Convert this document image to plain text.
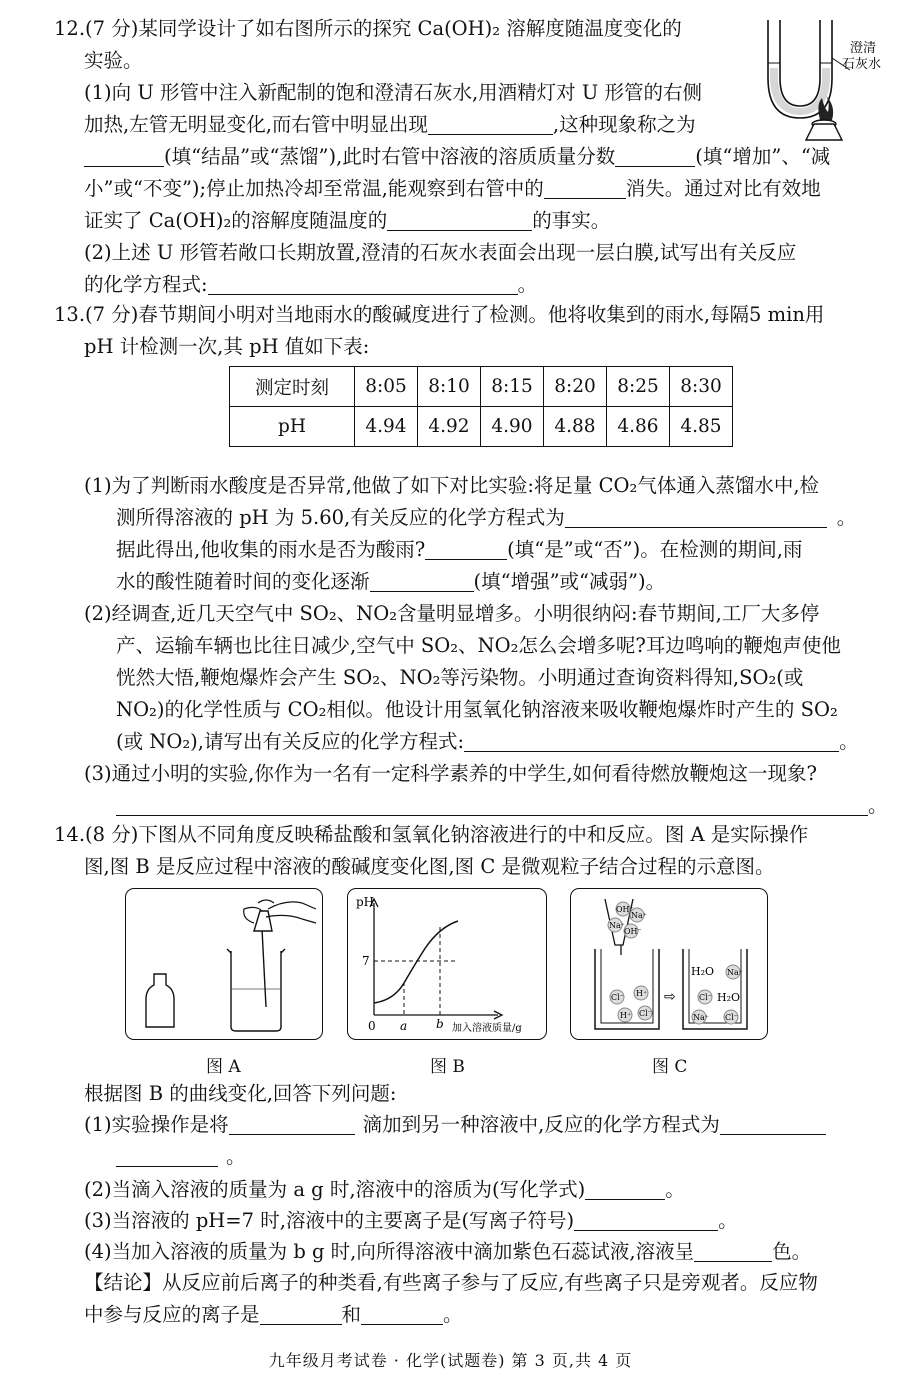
12.(7 分)某同学设计了如右图所示的探究 Ca(OH)₂ 溶解度随温度变化的
实验。
(1)向 U 形管中注入新配制的饱和澄清石灰水,用酒精灯对 U 形管的右侧
加热,左管无明显变化,而右管中明显出现	,这种现象称之为
(填“结晶”或“蒸馏”),此时右管中溶液的溶质质量分数	(填“增加”、“减
小”或“不变”);停止加热冷却至常温,能观察到右管中的	消失。通过对比有效地
证实了 Ca(OH)₂的溶解度随温度的	的事实。
(2)上述 U 形管若敞口长期放置,澄清的石灰水表面会出现一层白膜,试写出有关反应
的化学方程式:	。
澄清
石灰水
13.(7 分)春节期间小明对当地雨水的酸碱度进行了检测。他将收集到的雨水,每隔5 min用
pH 计检测一次,其 pH 值如下表:
测定时刻	8:05	8:10	8:15	8:20	8:25	8:30
pH	4.94	4.92	4.90	4.88	4.86	4.85
(1)为了判断雨水酸度是否异常,他做了如下对比实验:将足量 CO₂气体通入蒸馏水中,检
测所得溶液的 pH 为 5.60,有关反应的化学方程式为	。
据此得出,他收集的雨水是否为酸雨?	(填“是”或“否”)。在检测的期间,雨
水的酸性随着时间的变化逐渐	(填“增强”或“减弱”)。
(2)经调查,近几天空气中 SO₂、NO₂含量明显增多。小明很纳闷:春节期间,工厂大多停
产、运输车辆也比往日减少,空气中 SO₂、NO₂怎么会增多呢?耳边鸣响的鞭炮声使他
恍然大悟,鞭炮爆炸会产生 SO₂、NO₂等污染物。小明通过查询资料得知,SO₂(或
NO₂)的化学性质与 CO₂相似。他设计用氢氧化钠溶液来吸收鞭炮爆炸时产生的 SO₂
(或 NO₂),请写出有关反应的化学方程式:	。
(3)通过小明的实验,你作为一名有一定科学素养的中学生,如何看待燃放鞭炮这一现象?
。
14.(8 分)下图从不同角度反映稀盐酸和氢氧化钠溶液进行的中和反应。图 A 是实际操作
图,图 B 是反应过程中溶液的酸碱度变化图,图 C 是微观粒子结合过程的示意图。
图 A
pH
7
0 a b 加入溶液质量/g
图 B
OH⁻
Na⁺
Na⁺
OH⁻
Cl⁻ H⁺
H⁺ Cl⁻
⇨
H₂O Na⁺
Cl⁻ H₂O
Na⁺ Cl⁻
图 C
根据图 B 的曲线变化,回答下列问题:
(1)实验操作是将	滴加到另一种溶液中,反应的化学方程式为
。
(2)当滴入溶液的质量为 a g 时,溶液中的溶质为(写化学式)	。
(3)当溶液的 pH=7 时,溶液中的主要离子是(写离子符号)	。
(4)当加入溶液的质量为 b g 时,向所得溶液中滴加紫色石蕊试液,溶液呈	色。
【结论】从反应前后离子的种类看,有些离子参与了反应,有些离子只是旁观者。反应物
中参与反应的离子是	和	。
九年级月考试卷 · 化学(试题卷) 第 3 页,共 4 页
